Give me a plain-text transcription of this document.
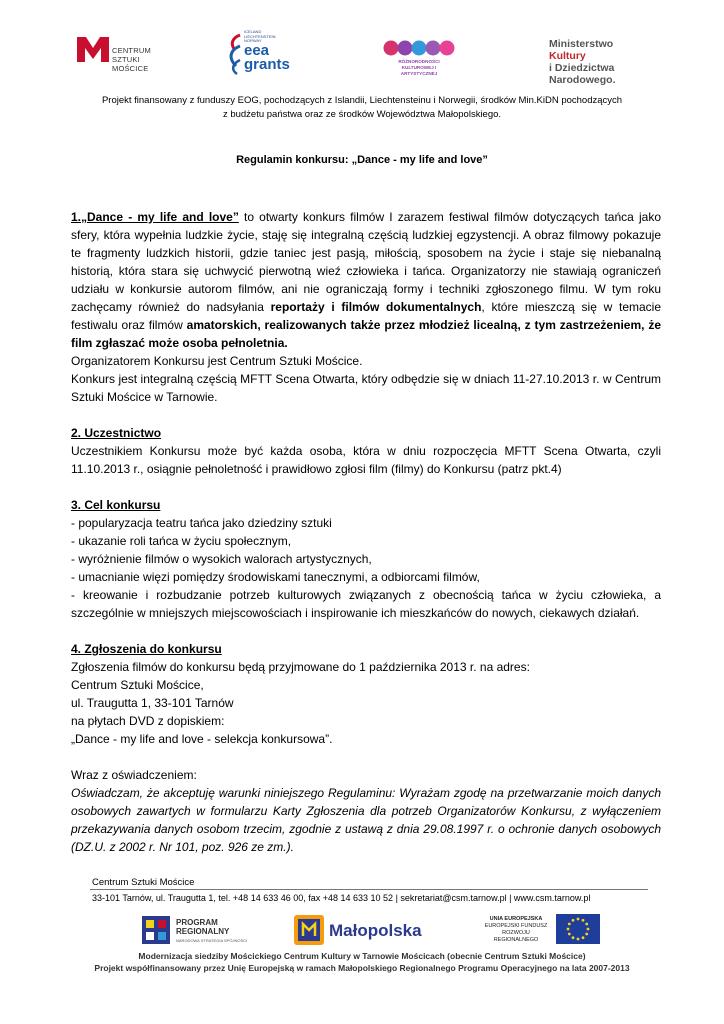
CENTRUM SZTUKI MOŚCICE
ICELAND LIECHTENSTEIN NORWAY
eea grants	RÓŻNORODNOŚCI KULTUROWEJ I ARTYSTYCZNEJ
Ministerstwo
Kultury
i Dziedzictwa
Narodowego.
Projekt finansowany z funduszy EOG, pochodzących z Islandii, Liechtensteinu i Norwegii, środków Min.KiDN pochodzących
z budżetu państwa oraz ze środków Województwa Małopolskiego.
Regulamin konkursu: „Dance - my life and love”

1.„Dance - my life and love” to otwarty konkurs filmów I zarazem festiwal filmów dotyczących tańca jako sfery, która wypełnia ludzkie życie, staję się integralną częścią ludzkiej egzystencji. A obraz filmowy pokazuje te fragmenty ludzkich historii, gdzie taniec jest pasją, miłością, sposobem na życie i staje się niebanalną historią, która stara się uchwycić pierwotną wieź człowieka i tańca. Organizatorzy nie stawiają ograniczeń udziału w konkursie autorom filmów, ani nie ograniczają formy i techniki zgłoszonego filmu. W tym roku zachęcamy również do nadsyłania reportaży i filmów dokumentalnych, które mieszczą się w temacie festiwalu oraz filmów amatorskich, realizowanych także przez młodzież licealną, z tym zastrzeżeniem, że film zgłaszać może osoba pełnoletnia.

Organizatorem Konkursu jest Centrum Sztuki Mościce.

Konkurs jest integralną częścią MFTT Scena Otwarta, który odbędzie się w dniach 11-27.10.2013 r. w Centrum Sztuki Mościce w Tarnowie.

2. Uczestnictwo

Uczestnikiem Konkursu może być każda osoba, która w dniu rozpoczęcia MFTT Scena Otwarta, czyli 11.10.2013 r., osiągnie pełnoletność i prawidłowo zgłosi film (filmy) do Konkursu (patrz pkt.4)

3. Cel konkursu

- popularyzacja teatru tańca jako dziedziny sztuki

- ukazanie roli tańca w życiu społecznym,

- wyróżnienie filmów o wysokich walorach artystycznych,

- umacnianie więzi pomiędzy środowiskami tanecznymi, a odbiorcami filmów,

- kreowanie i rozbudzanie potrzeb kulturowych związanych z obecnością tańca w życiu człowieka, a szczególnie w mniejszych miejscowościach i inspirowanie ich mieszkańców do nowych, ciekawych działań.

4. Zgłoszenia do konkursu

Zgłoszenia filmów do konkursu będą przyjmowane do 1 października 2013 r. na adres:

Centrum Sztuki Mościce,

ul. Traugutta 1, 33-101 Tarnów

na płytach DVD z dopiskiem:

„Dance - my life and love - selekcja konkursowa”.

Wraz z oświadczeniem:

Oświadczam, że akceptuję warunki niniejszego Regulaminu: Wyrażam zgodę na przetwarzanie moich danych osobowych zawartych w formularzu Karty Zgłoszenia dla potrzeb Organizatorów Konkursu, z wyłączeniem przekazywania danych osobom trzecim, zgodnie z ustawą z dnia 29.08.1997 r. o ochronie danych osobowych (DZ.U. z 2002 r. Nr 101, poz. 926 ze zm.).

Centrum Sztuki Mościce
33-101 Tarnów, ul. Traugutta 1, tel. +48 14 633 46 00, fax +48 14 633 10 52 | sekretariat@csm.tarnow.pl | www.csm.tarnow.pl
PROGRAM
REGIONALNY
NARODOWA STRATEGIA SPÓJNOŚCI
Małopolska
UNIA EUROPEJSKA
EUROPEJSKI FUNDUSZ
ROZWOJU REGIONALNEGO
Modernizacja siedziby Mościckiego Centrum Kultury w Tarnowie Mościcach (obecnie Centrum Sztuki Mościce)
Projekt współfinansowany przez Unię Europejską w ramach Małopolskiego Regionalnego Programu Operacyjnego na lata 2007-2013
